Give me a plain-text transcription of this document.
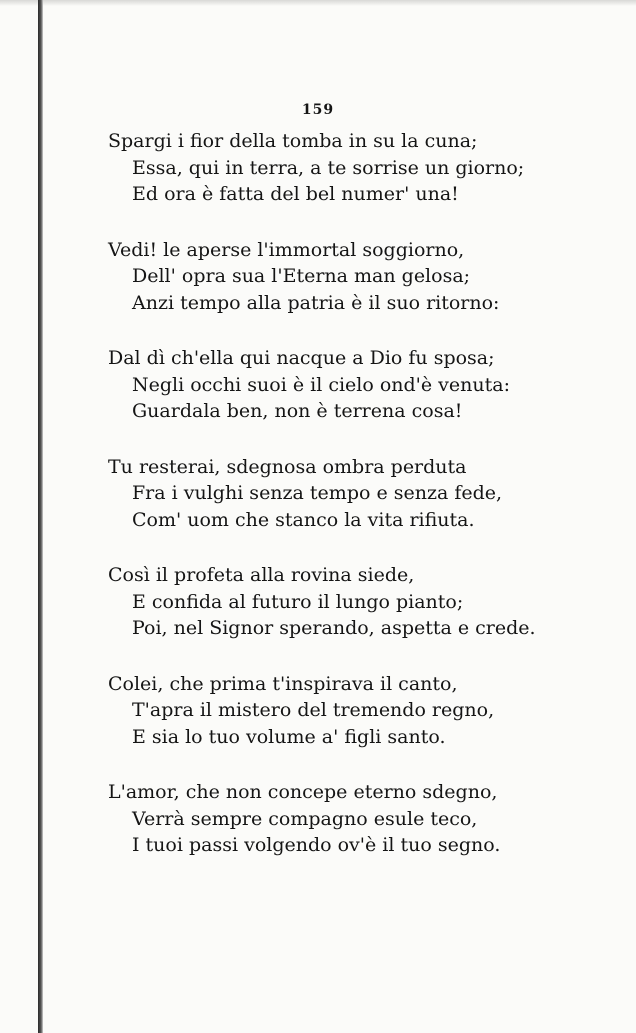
159
Spargi i fior della tomba in su la cuna;
Essa, qui in terra, a te sorrise un giorno;
Ed ora è fatta del bel numer' una!
Vedi! le aperse l'immortal soggiorno,
Dell' opra sua l'Eterna man gelosa;
Anzi tempo alla patria è il suo ritorno:
Dal dì ch'ella qui nacque a Dio fu sposa;
Negli occhi suoi è il cielo ond'è venuta:
Guardala ben, non è terrena cosa!
Tu resterai, sdegnosa ombra perduta
Fra i vulghi senza tempo e senza fede,
Com' uom che stanco la vita rifiuta.
Così il profeta alla rovina siede,
E confida al futuro il lungo pianto;
Poi, nel Signor sperando, aspetta e crede.
Colei, che prima t'inspirava il canto,
T'apra il mistero del tremendo regno,
E sia lo tuo volume a' figli santo.
L'amor, che non concepe eterno sdegno,
Verrà sempre compagno esule teco,
I tuoi passi volgendo ov'è il tuo segno.
